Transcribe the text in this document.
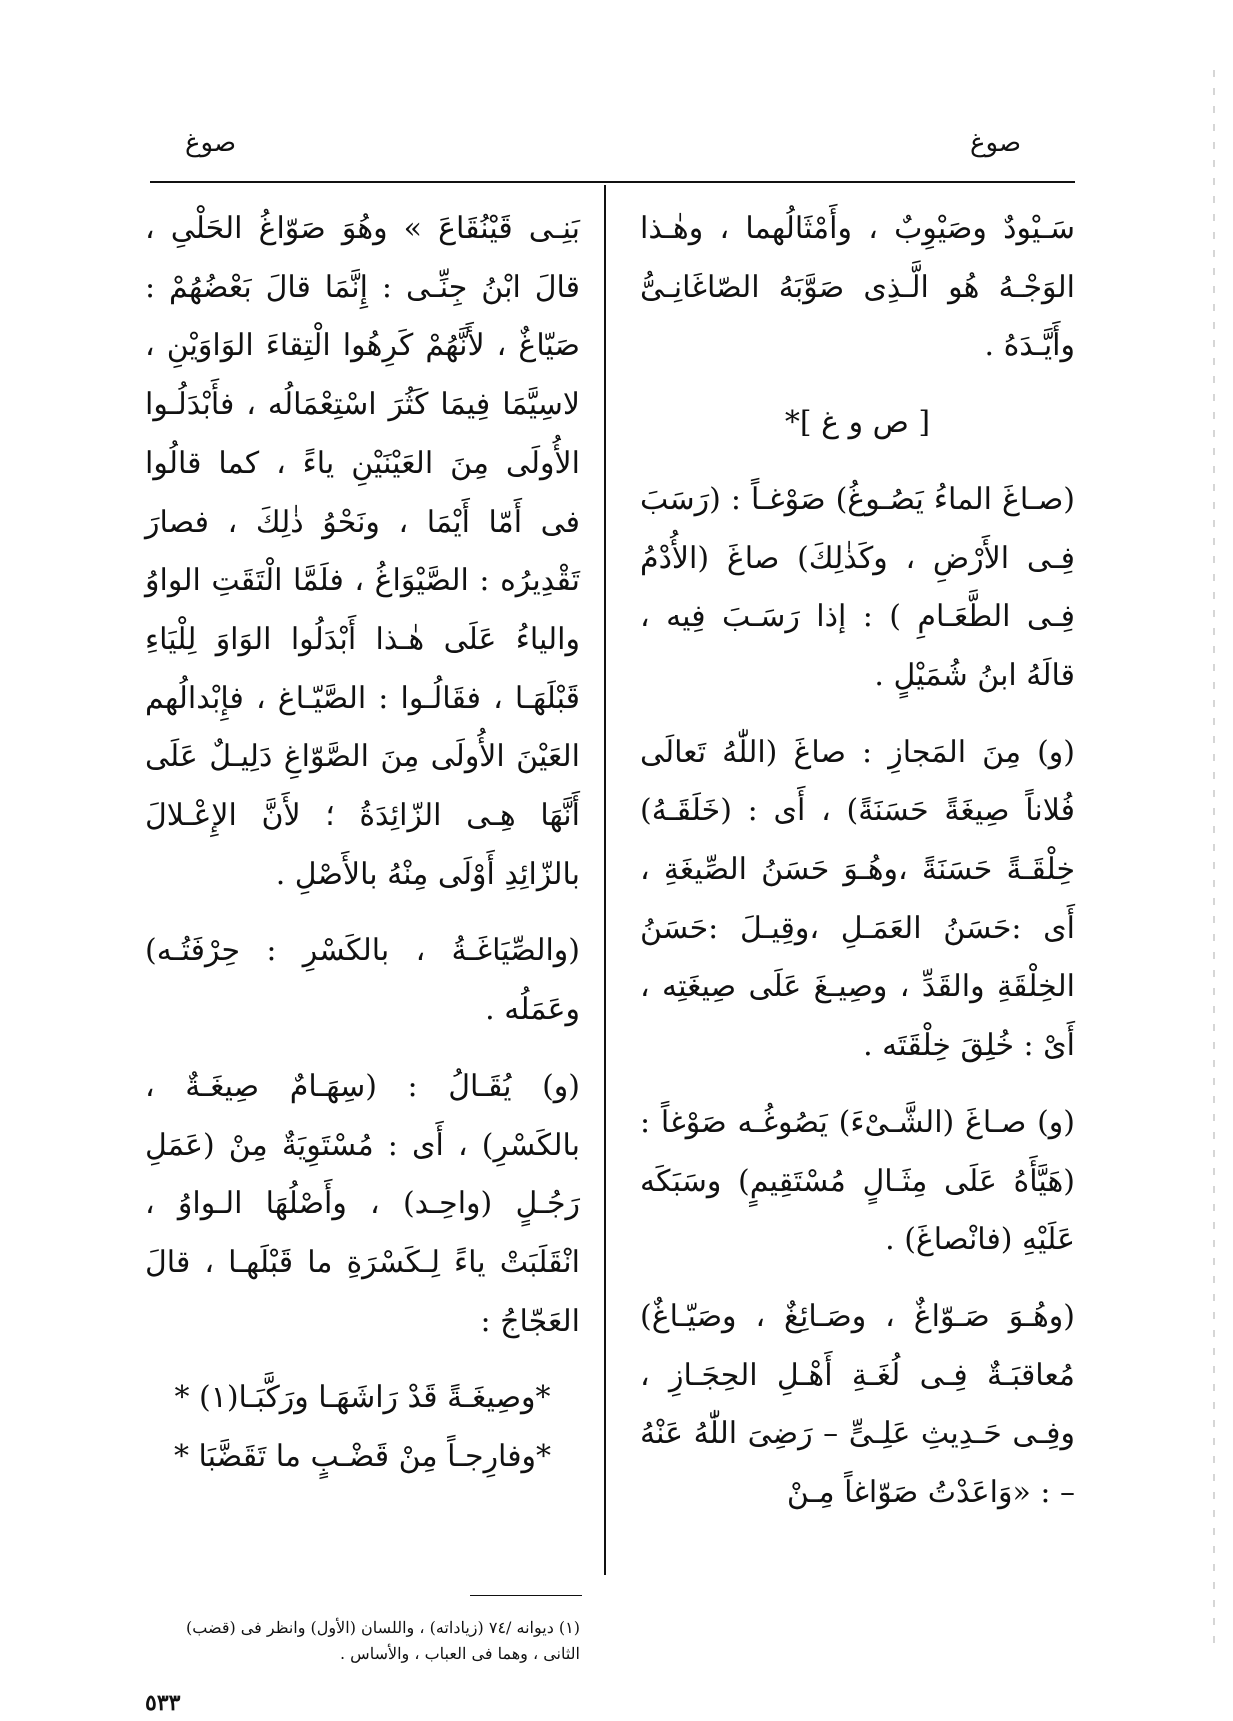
صوغ
صوغ

سَـيْودٌ وصَيْوِبٌ ، وأَمْثَالُهما ، وهٰـذا الوَجْـهُ هُو الَّـذِى صَوَّبَهُ الصّاغَانِـىُّ وأَيَّـدَهُ .

[ ص و غ ]*

(صـاغَ الماءُ يَصُـوغُ) صَوْغـاً : (رَسَبَ فِـى الأَرْضِ ، وكَذٰلِكَ) صاغَ (الأُدْمُ فِـى الطَّعَـامِ ) : إذا رَسَـبَ فِيه ، قالَهُ ابنُ شُمَيْلٍ .

(و) مِنَ المَجازِ : صاغَ (اللّٰهُ تَعالَى فُلاناً صِيغَةً حَسَنَةً) ، أَى : (خَلَقَـهُ) خِلْقَـةً حَسَنَةً ،وهُـوَ حَسَنُ الصِّيغَةِ ، أَى :حَسَنُ العَمَـلِ ،وقِيـلَ :حَسَنُ الخِلْقَةِ والقَدِّ ، وصِيـغَ عَلَى صِيغَتِه ، أَىْ : خُلِقَ خِلْقَتَه .

(و) صـاغَ (الشَّـىْءَ) يَصُوغُـه صَوْغاً : (هَيَّأَهُ عَلَى مِثَـالٍ مُسْتَقِيمٍ) وسَبَكَه عَلَيْهِ (فانْصاغَ) .

(وهُـوَ صَـوّاغٌ ، وصَـائِغٌ ، وصَيّـاغٌ) مُعاقبَـةٌ فِـى لُغَـةِ أَهْـلِ الحِجَـازِ ، وفِـى حَـدِيثِ عَلِـىٍّ – رَضِىَ اللّٰهُ عَنْهُ – : «وَاعَدْتُ صَوّاغاً مِـنْ

بَنِـى قَيْنُقَاعَ » وهُوَ صَوّاغُ الحَلْىِ ، قالَ ابْنُ جِنِّـى : إِنَّمَا قالَ بَعْضُهُمْ : صَيّاغٌ ، لأَنَّهُمْ كَرِهُوا الْتِقاءَ الوَاوَيْنِ ، لاسِيَّمَا فِيمَا كَثُرَ اسْتِعْمَالُه ، فأَبْدَلُـوا الأُولَى مِنَ العَيْنَيْنِ ياءً ، كما قالُوا فى أَمّا أَيْمَا ، ونَحْوُ ذٰلِكَ ، فصارَ تَقْدِيرُه : الصَّيْوَاغُ ، فلَمَّا الْتَقَتِ الواوُ والياءُ عَلَى هٰـذا أَبْدَلُوا الوَاوَ لِلْيَاءِ قَبْلَهَـا ، فقَالُـوا : الصَّيّـاغ ، فإِبْدالُهم العَيْنَ الأُولَى مِنَ الصَّوّاغِ دَلِيـلٌ عَلَى أَنَّهَا هِـى الزّائِدَةُ ؛ لأَنَّ الإِعْـلالَ بالزّائِدِ أَوْلَى مِنْهُ بالأَصْلِ .

(والصِّيَاغَـةُ ، بالكَسْرِ : حِرْفَتُـه) وعَمَلُه .

(و) يُقَـالُ : (سِهَـامٌ صِيغَـةٌ ، بالكَسْرِ) ، أَى : مُسْتَوِيَةٌ مِنْ (عَمَلِ رَجُـلٍ (واحِـد) ، وأَصْلُهَا الـواوُ ، انْقَلَبَتْ ياءً لِـكَسْرَةِ ما قَبْلَهـا ، قالَ العَجّاجُ :

*وصِيغَـةً قَدْ رَاشَهَـا ورَكَّبَـا(١) *

*وفارِجـاً مِنْ قَضْـبٍ ما تَقَضَّبَا *

(١) ديوانه /٧٤ (زياداته) ، واللسان (الأول) وانظر فى (قضب) الثانى ، وهما فى العباب ، والأساس .
٥٣٣
